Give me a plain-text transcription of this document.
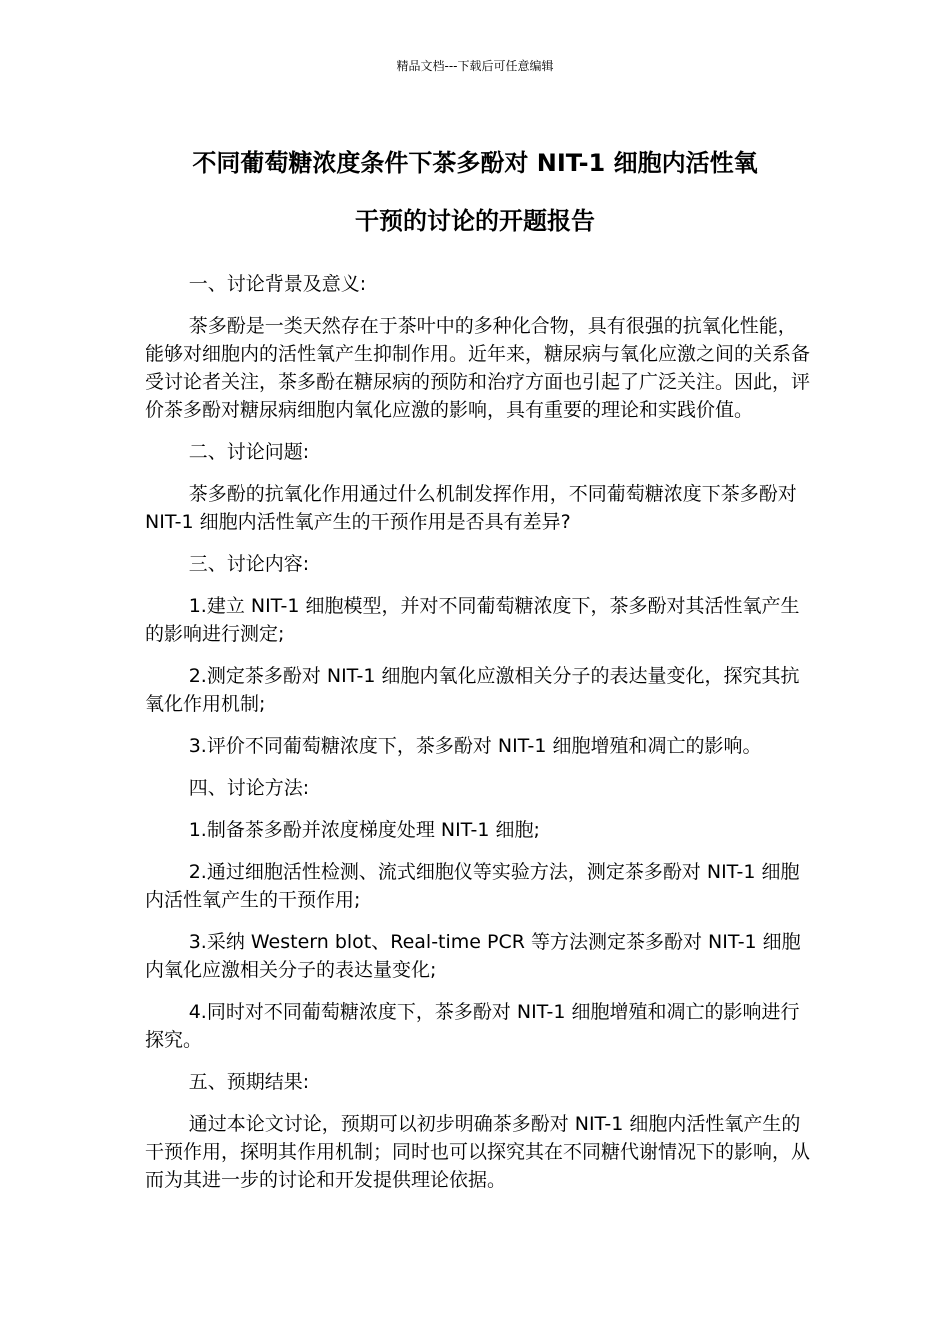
精品文档---下载后可任意编辑
不同葡萄糖浓度条件下茶多酚对 NIT-1 细胞内活性氧
干预的讨论的开题报告

一、讨论背景及意义:

茶多酚是一类天然存在于茶叶中的多种化合物，具有很强的抗氧化性能，能够对细胞内的活性氧产生抑制作用。近年来，糖尿病与氧化应激之间的关系备受讨论者关注，茶多酚在糖尿病的预防和治疗方面也引起了广泛关注。因此，评价茶多酚对糖尿病细胞内氧化应激的影响，具有重要的理论和实践价值。

二、讨论问题:

茶多酚的抗氧化作用通过什么机制发挥作用，不同葡萄糖浓度下茶多酚对 NIT-1 细胞内活性氧产生的干预作用是否具有差异?

三、讨论内容:

1.建立 NIT-1 细胞模型，并对不同葡萄糖浓度下，茶多酚对其活性氧产生的影响进行测定;

2.测定茶多酚对 NIT-1 细胞内氧化应激相关分子的表达量变化，探究其抗氧化作用机制;

3.评价不同葡萄糖浓度下，茶多酚对 NIT-1 细胞增殖和凋亡的影响。

四、讨论方法:

1.制备茶多酚并浓度梯度处理 NIT-1 细胞;

2.通过细胞活性检测、流式细胞仪等实验方法，测定茶多酚对 NIT-1 细胞内活性氧产生的干预作用;

3.采纳 Western blot、Real-time PCR 等方法测定茶多酚对 NIT-1 细胞内氧化应激相关分子的表达量变化;

4.同时对不同葡萄糖浓度下，茶多酚对 NIT-1 细胞增殖和凋亡的影响进行探究。

五、预期结果:

通过本论文讨论，预期可以初步明确茶多酚对 NIT-1 细胞内活性氧产生的干预作用，探明其作用机制；同时也可以探究其在不同糖代谢情况下的影响，从而为其进一步的讨论和开发提供理论依据。
